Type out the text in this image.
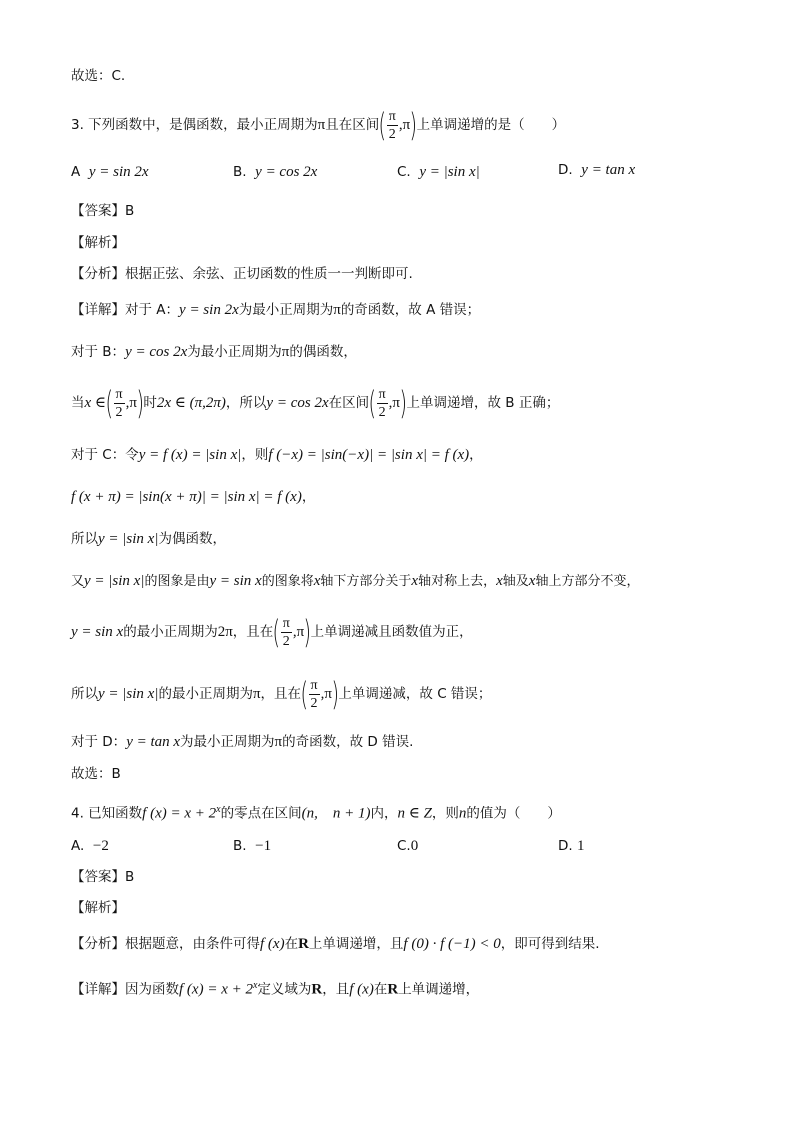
故选：C.
3. 下列函数中，是偶函数，最小正周期为 π 且在区间 ( $\frac{\pi}{2} ,\pi$ ) 上单调递增的是（　　）
A y = sin 2x	B. y = cos 2x	C. y = |sin x|	D. y = tan x
【答案】B
【解析】
【分析】根据正弦、余弦、正切函数的性质一一判断即可.
【详解】对于 A：y = sin 2x为最小正周期为π的奇函数，故 A 错误；
对于 B：y = cos 2x为最小正周期为π的偶函数，
当 x ∈ ( $\frac{\pi}{2} ,\pi$ ) 时 2x ∈ (π,2π) ，所以 y = cos 2x 在区间 ( $\frac{\pi}{2} ,\pi$ ) 上单调递增，故 B 正确；
对于 C：令y = f (x) = |sin x|，则f (−x) = |sin(−x)| = |sin x| = f (x)，
f (x + π) = |sin(x + π)| = |sin x| = f (x)，
所以y = |sin x|为偶函数，
又y = |sin x|的图象是由y = sin x的图象将x轴下方部分关于x轴对称上去，x轴及x轴上方部分不变，
y = sin x 的最小正周期为 2π ，且在 ( $\frac{\pi}{2} ,\pi$ ) 上单调递减且函数值为正，
所以 y = |sin x| 的最小正周期为 π ，且在 ( $\frac{\pi}{2} ,\pi$ ) 上单调递减，故 C 错误；
对于 D：y = tan x为最小正周期为π的奇函数，故 D 错误.
故选：B
4. 已知函数f $(x) = x + 2^x$的零点在区间(n,　n + 1)内，n ∈ Z，则n的值为（　　）
A. −2	B. −1	C.0	D. 1
【答案】B
【解析】
【分析】根据题意，由条件可得f (x)在R上单调递增，且f (0) · f (−1) < 0，即可得到结果.
【详解】因为函数f $(x) = x + 2^x$定义域为R，且f (x)在R上单调递增，
